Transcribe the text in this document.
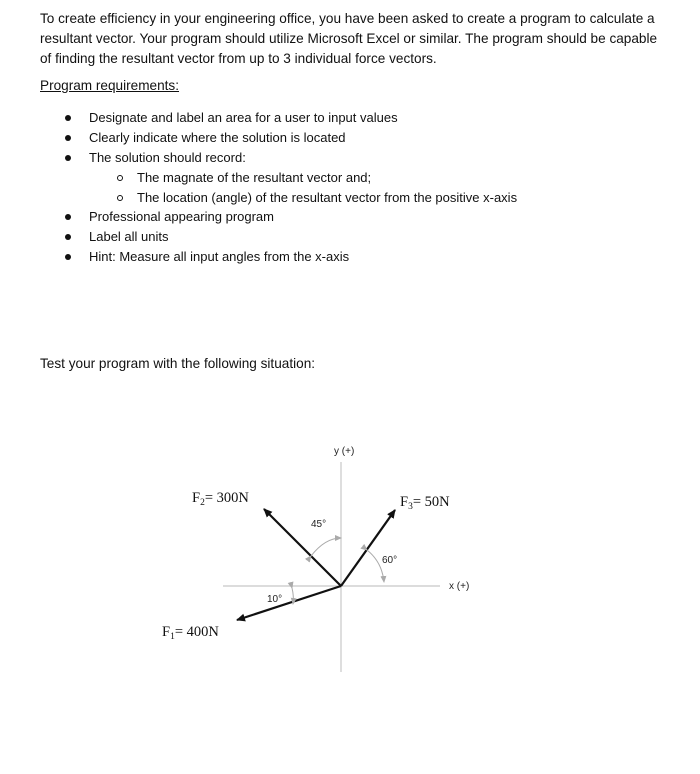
To create efficiency in your engineering office, you have been asked to create a program to calculate a resultant vector. Your program should utilize Microsoft Excel or similar. The program should be capable of finding the resultant vector from up to 3 individual force vectors.

Program requirements:

Designate and label an area for a user to input values
Clearly indicate where the solution is located
The solution should record:
The magnate of the resultant vector and;
The location (angle) of the resultant vector from the positive x-axis
Professional appearing program
Label all units
Hint: Measure all input angles from the x-axis

Test your program with the following situation:

y (+)
x (+)
45°
60°
10°
$F_2= 300N$	$F_3= 50N$
$F_1= 400N$
